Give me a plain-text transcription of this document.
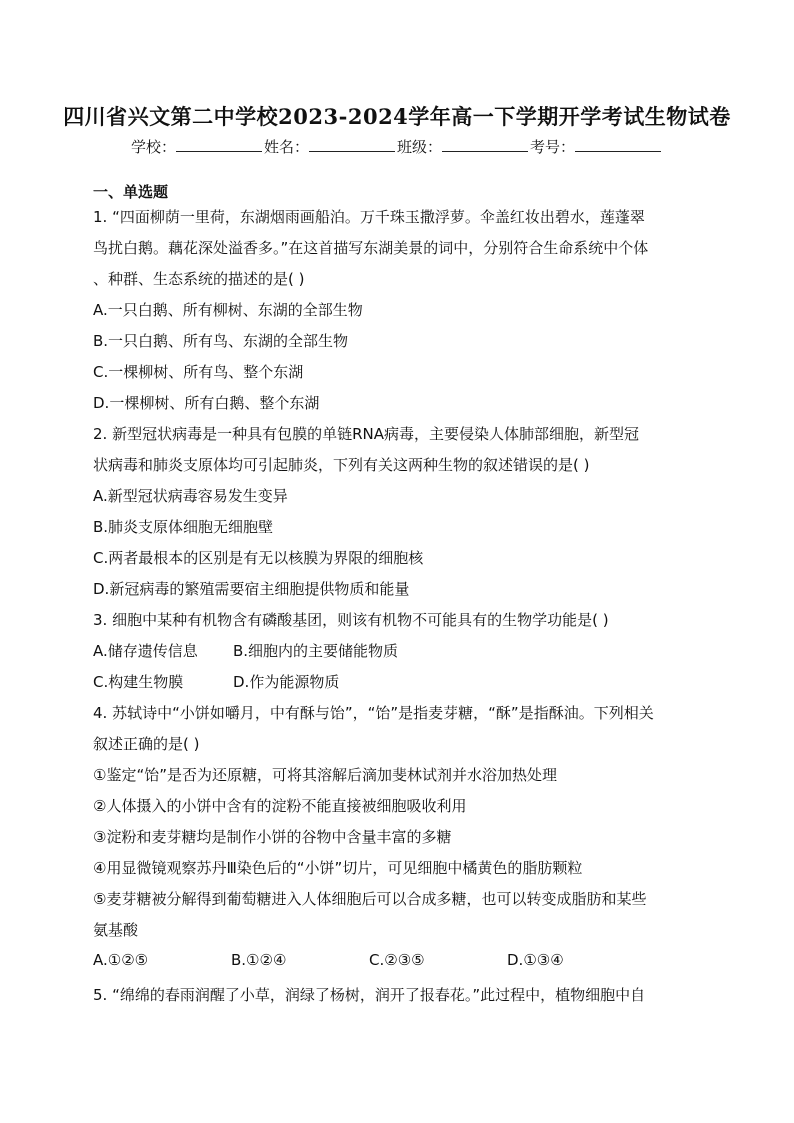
四川省兴文第二中学校2023-2024学年高一下学期开学考试生物试卷
学校：	姓名：	班级：	考号：
一、单选题
1. “四面柳荫一里荷，东湖烟雨画船泊。万千珠玉撒浮萝。伞盖红妆出碧水，莲蓬翠
鸟扰白鹅。藕花深处溢香多。”在这首描写东湖美景的词中，分别符合生命系统中个体
、种群、生态系统的描述的是( )
A.一只白鹅、所有柳树、东湖的全部生物
B.一只白鹅、所有鸟、东湖的全部生物
C.一棵柳树、所有鸟、整个东湖
D.一棵柳树、所有白鹅、整个东湖
2. 新型冠状病毒是一种具有包膜的单链RNA病毒，主要侵染人体肺部细胞，新型冠
状病毒和肺炎支原体均可引起肺炎，下列有关这两种生物的叙述错误的是( )
A.新型冠状病毒容易发生变异
B.肺炎支原体细胞无细胞壁
C.两者最根本的区别是有无以核膜为界限的细胞核
D.新冠病毒的繁殖需要宿主细胞提供物质和能量
3. 细胞中某种有机物含有磷酸基团，则该有机物不可能具有的生物学功能是( )
A.储存遗传信息 B.细胞内的主要储能物质
C.构建生物膜	D.作为能源物质
4. 苏轼诗中“小饼如嚼月，中有酥与饴”，“饴”是指麦芽糖，“酥”是指酥油。下列相关
叙述正确的是( )
①鉴定“饴”是否为还原糖，可将其溶解后滴加斐林试剂并水浴加热处理
②人体摄入的小饼中含有的淀粉不能直接被细胞吸收利用
③淀粉和麦芽糖均是制作小饼的谷物中含量丰富的多糖
④用显微镜观察苏丹Ⅲ染色后的“小饼”切片，可见细胞中橘黄色的脂肪颗粒
⑤麦芽糖被分解得到葡萄糖进入人体细胞后可以合成多糖，也可以转变成脂肪和某些
氨基酸
A.①②⑤	B.①②④	C.②③⑤	D.①③④
5. “绵绵的春雨润醒了小草，润绿了杨树，润开了报春花。”此过程中，植物细胞中自
